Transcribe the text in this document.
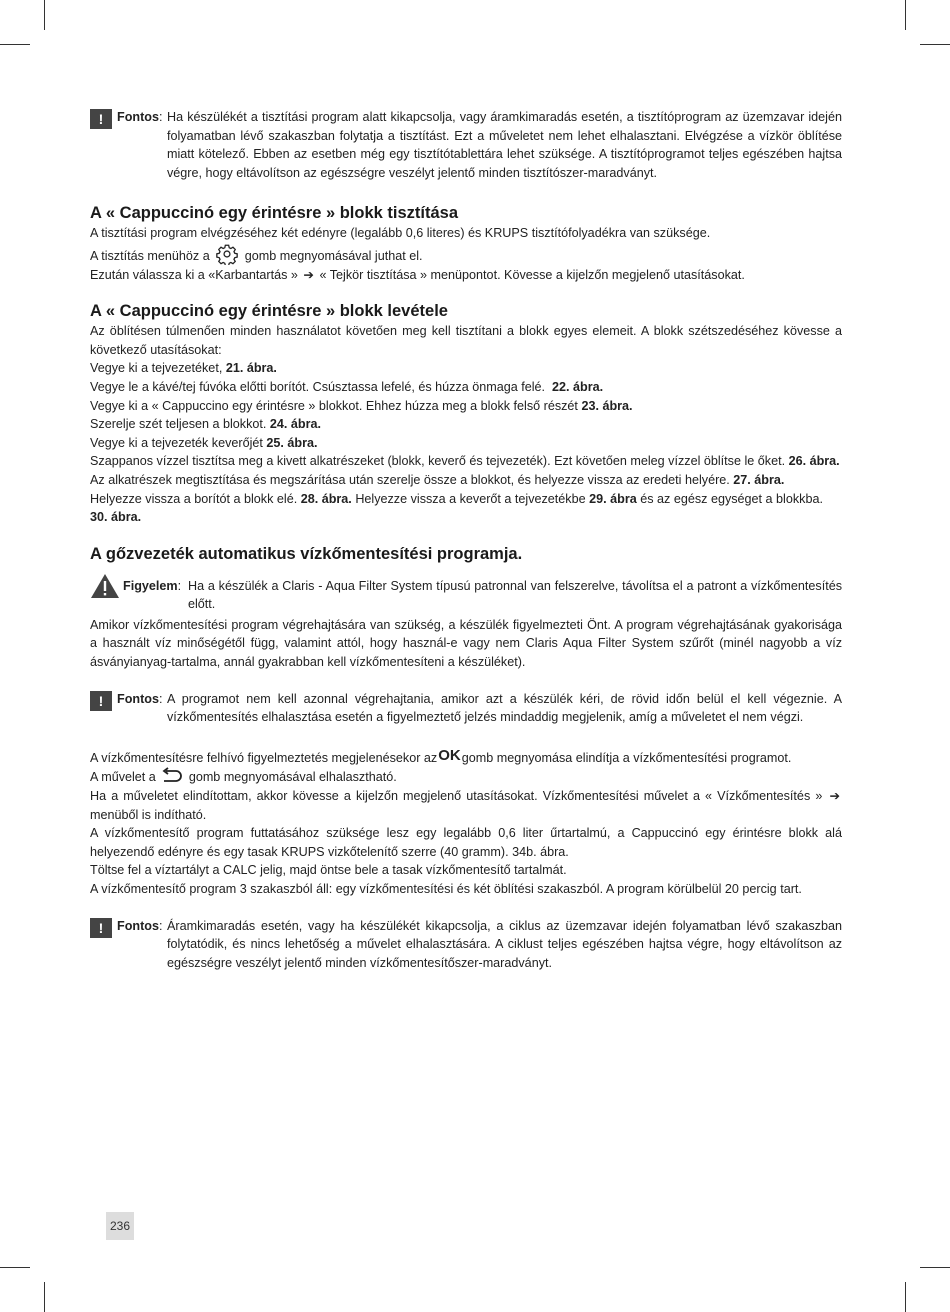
!	Fontos: Ha készülékét a tisztítási program alatt kikapcsolja, vagy áramkimaradás esetén, a tisztítóprogram az üzemzavar idején folyamatban lévő szakaszban folytatja a tisztítást. Ezt a műveletet nem lehet elhalasztani. Elvégzése a vízkör öblítése miatt kötelező. Ebben az esetben még egy tisztítótablettára lehet szüksége. A tisztítóprogramot teljes egészében hajtsa végre, hogy eltávolítson az egészségre veszélyt jelentő minden tisztítószer-maradványt.
A « Cappuccinó egy érintésre » blokk tisztítása

A tisztítási program elvégzéséhez két edényre (legalább 0,6 literes) és KRUPS tisztítófolyadékra van szüksége.

A tisztítás menühöz a	gomb megnyomásával juthat el.

Ezután válassza ki a «Karbantartás » ➔ « Tejkör tisztítása » menüpontot. Kövesse a kijelzőn megjelenő utasításokat.

A « Cappuccinó egy érintésre » blokk levétele

Az öblítésen túlmenően minden használatot követően meg kell tisztítani a blokk egyes elemeit. A blokk szétszedéséhez kövesse a következő utasításokat:

Vegye ki a tejvezetéket, 21. ábra.

Vegye le a kávé/tej fúvóka előtti borítót. Csúsztassa lefelé, és húzza önmaga felé. 22. ábra.

Vegye ki a « Cappuccino egy érintésre » blokkot. Ehhez húzza meg a blokk felső részét 23. ábra.

Szerelje szét teljesen a blokkot. 24. ábra.

Vegye ki a tejvezeték keverőjét 25. ábra.

Szappanos vízzel tisztítsa meg a kivett alkatrészeket (blokk, keverő és tejvezeték). Ezt követően meleg vízzel öblítse le őket. 26. ábra.

Az alkatrészek megtisztítása és megszárítása után szerelje össze a blokkot, és helyezze vissza az eredeti helyére. 27. ábra.

Helyezze vissza a borítót a blokk elé. 28. ábra. Helyezze vissza a keverőt a tejvezetékbe 29. ábra és az egész egységet a blokkba. 30. ábra.

A gőzvezeték automatikus vízkőmentesítési programja.
Figyelem: Ha a készülék a Claris - Aqua Filter System típusú patronnal van felszerelve, távolítsa el a patront a vízkőmentesítés előtt.

Amikor vízkőmentesítési program végrehajtására van szükség, a készülék figyelmezteti Önt. A program végrehajtásának gyakorisága a használt víz minőségétől függ, valamint attól, hogy használ-e vagy nem Claris Aqua Filter System szűrőt (minél nagyobb a víz ásványianyag-tartalma, annál gyakrabban kell vízkőmentesíteni a készüléket).

!	Fontos: A programot nem kell azonnal végrehajtania, amikor azt a készülék kéri, de rövid időn belül el kell végeznie. A vízkőmentesítés elhalasztása esetén a figyelmeztető jelzés mindaddig megjelenik, amíg a műveletet el nem végzi.

A vízkőmentesítésre felhívó figyelmeztetés megjelenésekor azOKgomb megnyomása elindítja a vízkőmentesítési programot.

A művelet a	gomb megnyomásával elhalasztható.

Ha a műveletet elindítottam, akkor kövesse a kijelzőn megjelenő utasításokat. Vízkőmentesítési művelet a « Vízkőmentesítés » ➔ menüből is indítható.

A vízkőmentesítő program futtatásához szüksége lesz egy legalább 0,6 liter űrtartalmú, a Cappuccinó egy érintésre blokk alá helyezendő edényre és egy tasak KRUPS vizkőtelenítő szerre (40 gramm). 34b. ábra.

Töltse fel a víztartályt a CALC jelig, majd öntse bele a tasak vízkőmentesítő tartalmát.

A vízkőmentesítő program 3 szakaszból áll: egy vízkőmentesítési és két öblítési szakaszból. A program körülbelül 20 percig tart.

!	Fontos: Áramkimaradás esetén, vagy ha készülékét kikapcsolja, a ciklus az üzemzavar idején folyamatban lévő szakaszban folytatódik, és nincs lehetőség a művelet elhalasztására. A ciklust teljes egészében hajtsa végre, hogy eltávolítson az egészségre veszélyt jelentő minden vízkőmentesítőszer-maradványt.
236
